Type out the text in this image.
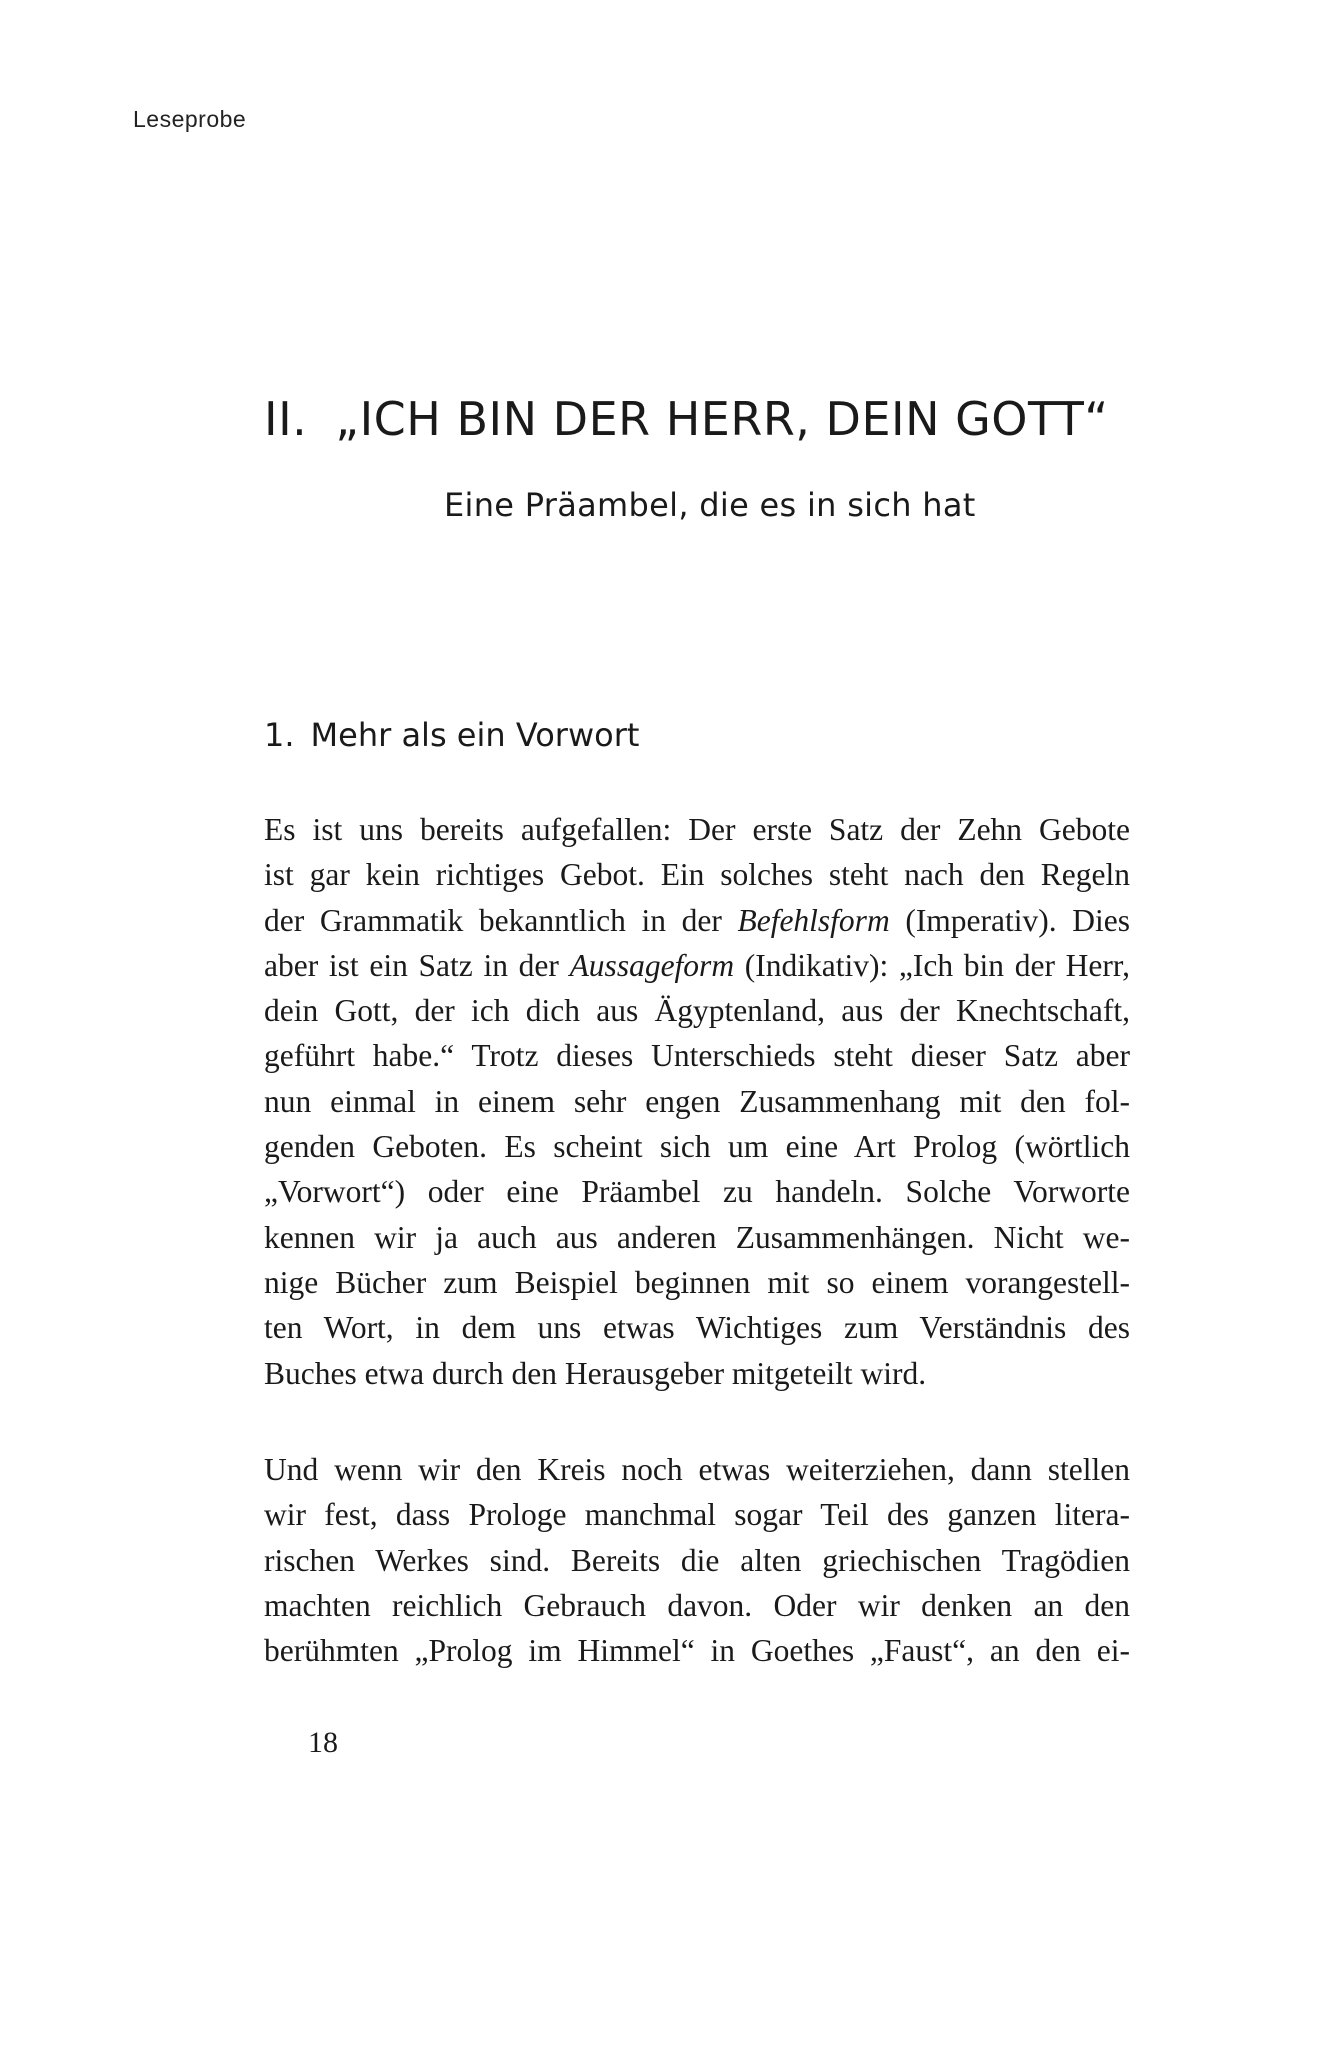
Leseprobe
II. „ICH BIN DER HERR, DEIN GOTT“
Eine Präambel, die es in sich hat
1. Mehr als ein Vorwort
Es ist uns bereits aufgefallen: Der erste Satz der Zehn Gebote
ist gar kein richtiges Gebot. Ein solches steht nach den Regeln
der Grammatik bekanntlich in der Befehlsform (Imperativ). Dies
aber ist ein Satz in der Aussageform (Indikativ): „Ich bin der Herr,
dein Gott, der ich dich aus Ägyptenland, aus der Knechtschaft,
geführt habe.“ Trotz dieses Unterschieds steht dieser Satz aber
nun einmal in einem sehr engen Zusammenhang mit den fol-
genden Geboten. Es scheint sich um eine Art Prolog (wörtlich
„Vorwort“) oder eine Präambel zu handeln. Solche Vorworte
kennen wir ja auch aus anderen Zusammenhängen. Nicht we-
nige Bücher zum Beispiel beginnen mit so einem vorangestell-
ten Wort, in dem uns etwas Wichtiges zum Verständnis des
Buches etwa durch den Herausgeber mitgeteilt wird.
Und wenn wir den Kreis noch etwas weiterziehen, dann stellen
wir fest, dass Prologe manchmal sogar Teil des ganzen litera-
rischen Werkes sind. Bereits die alten griechischen Tragödien
machten reichlich Gebrauch davon. Oder wir denken an den
berühmten „Prolog im Himmel“ in Goethes „Faust“, an den ei-
18
